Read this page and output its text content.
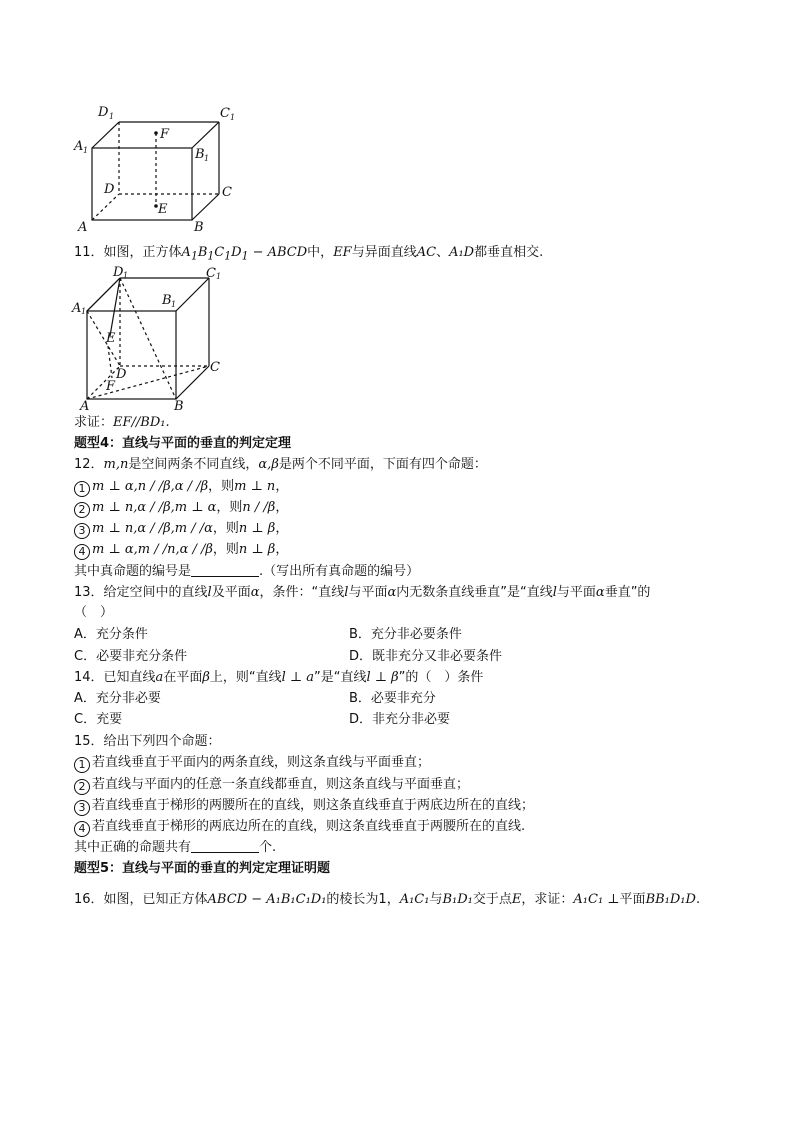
D 1	C 1
A 1	B 1
F
D	C
E
A	B
11．如图，正方体$A_1B_1C_1D_1$ − ABCD中，EF与异面直线AC、A₁D都垂直相交.
D 1	C 1
A 1
B 1
E
D	C
F
A	B
求证：EF//BD₁.
题型4：直线与平面的垂直的判定定理
12．m,n是空间两条不同直线，α,β是两个不同平面，下面有四个命题：
1 m ⊥ α,n / /β,α / /β，则m ⊥ n，
2 m ⊥ n,α / /β,m ⊥ α，则n / /β，
3 m ⊥ n,α / /β,m / /α，则n ⊥ β，
4 m ⊥ α,m / /n,α / /β，则n ⊥ β，
其中真命题的编号是	.（写出所有真命题的编号）
13．给定空间中的直线l及平面α，条件：“直线l与平面α内无数条直线垂直”是“直线l与平面α垂直”的
（　）
A．充分条件	B．充分非必要条件
C．必要非充分条件	D．既非充分又非必要条件
14．已知直线a在平面β上，则“直线l ⊥ a”是“直线l ⊥ β”的（　）条件
A．充分非必要	B．必要非充分
C．充要	D．非充分非必要
15．给出下列四个命题：
1 若直线垂直于平面内的两条直线，则这条直线与平面垂直；
2 若直线与平面内的任意一条直线都垂直，则这条直线与平面垂直；
3 若直线垂直于梯形的两腰所在的直线，则这条直线垂直于两底边所在的直线；
4 若直线垂直于梯形的两底边所在的直线，则这条直线垂直于两腰所在的直线.
其中正确的命题共有	个.
题型5：直线与平面的垂直的判定定理证明题
16．如图，已知正方体ABCD − A₁B₁C₁D₁的棱长为1，A₁C₁与B₁D₁交于点E，求证：A₁C₁ ⊥平面BB₁D₁D.
